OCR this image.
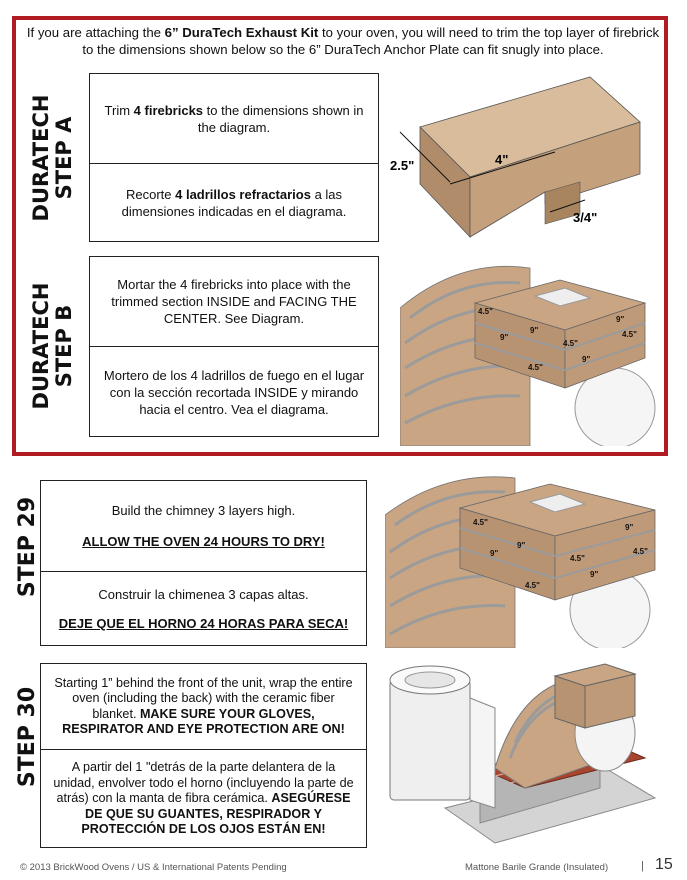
If you are attaching the 6” DuraTech Exhaust Kit to your oven, you will need to trim the top layer of firebrick to the dimensions shown below so the 6” DuraTech Anchor Plate can fit snugly into place.
DURATECH STEP A
Trim 4 firebricks to the dimensions shown in the diagram.
Recorte 4 ladrillos refractarios a las dimensiones indicadas en el diagrama.
2.5"	4"
3/4"
DURATECH STEP B
Mortar the 4 firebricks into place with the trimmed section INSIDE and FACING THE CENTER. See Diagram.
Mortero de los 4 ladrillos de fuego en el lugar con la sección recortada INSIDE y mirando hacia el centro. Vea el diagrama.
4.5"
9"
9"
4.5"
4.5"
9"
4.5"
9"
STEP 29	Build the chimney 3 layers high.
ALLOW THE OVEN 24 HOURS TO DRY!
Construir la chimenea 3 capas altas.
DEJE QUE EL HORNO 24 HORAS PARA SECA!
4.5"
9"
9"
9"
4.5"
4.5"
9"
4.5"
STEP 30
Starting 1” behind the front of the unit, wrap the entire oven (including the back) with the ceramic fiber blanket. MAKE SURE YOUR GLOVES, RESPIRATOR AND EYE PROTECTION ARE ON!
A partir del 1 "detrás de la parte delantera de la unidad, envolver todo el horno (incluyendo la parte de atrás) con la manta de fibra cerámica. ASEGÚRESE DE QUE SU GUANTES, RESPIRADOR Y PROTECCIÓN DE LOS OJOS ESTÁN EN!
© 2013 BrickWood Ovens / US & International Patents Pending	Mattone Barile Grande (Insulated)	| 15
